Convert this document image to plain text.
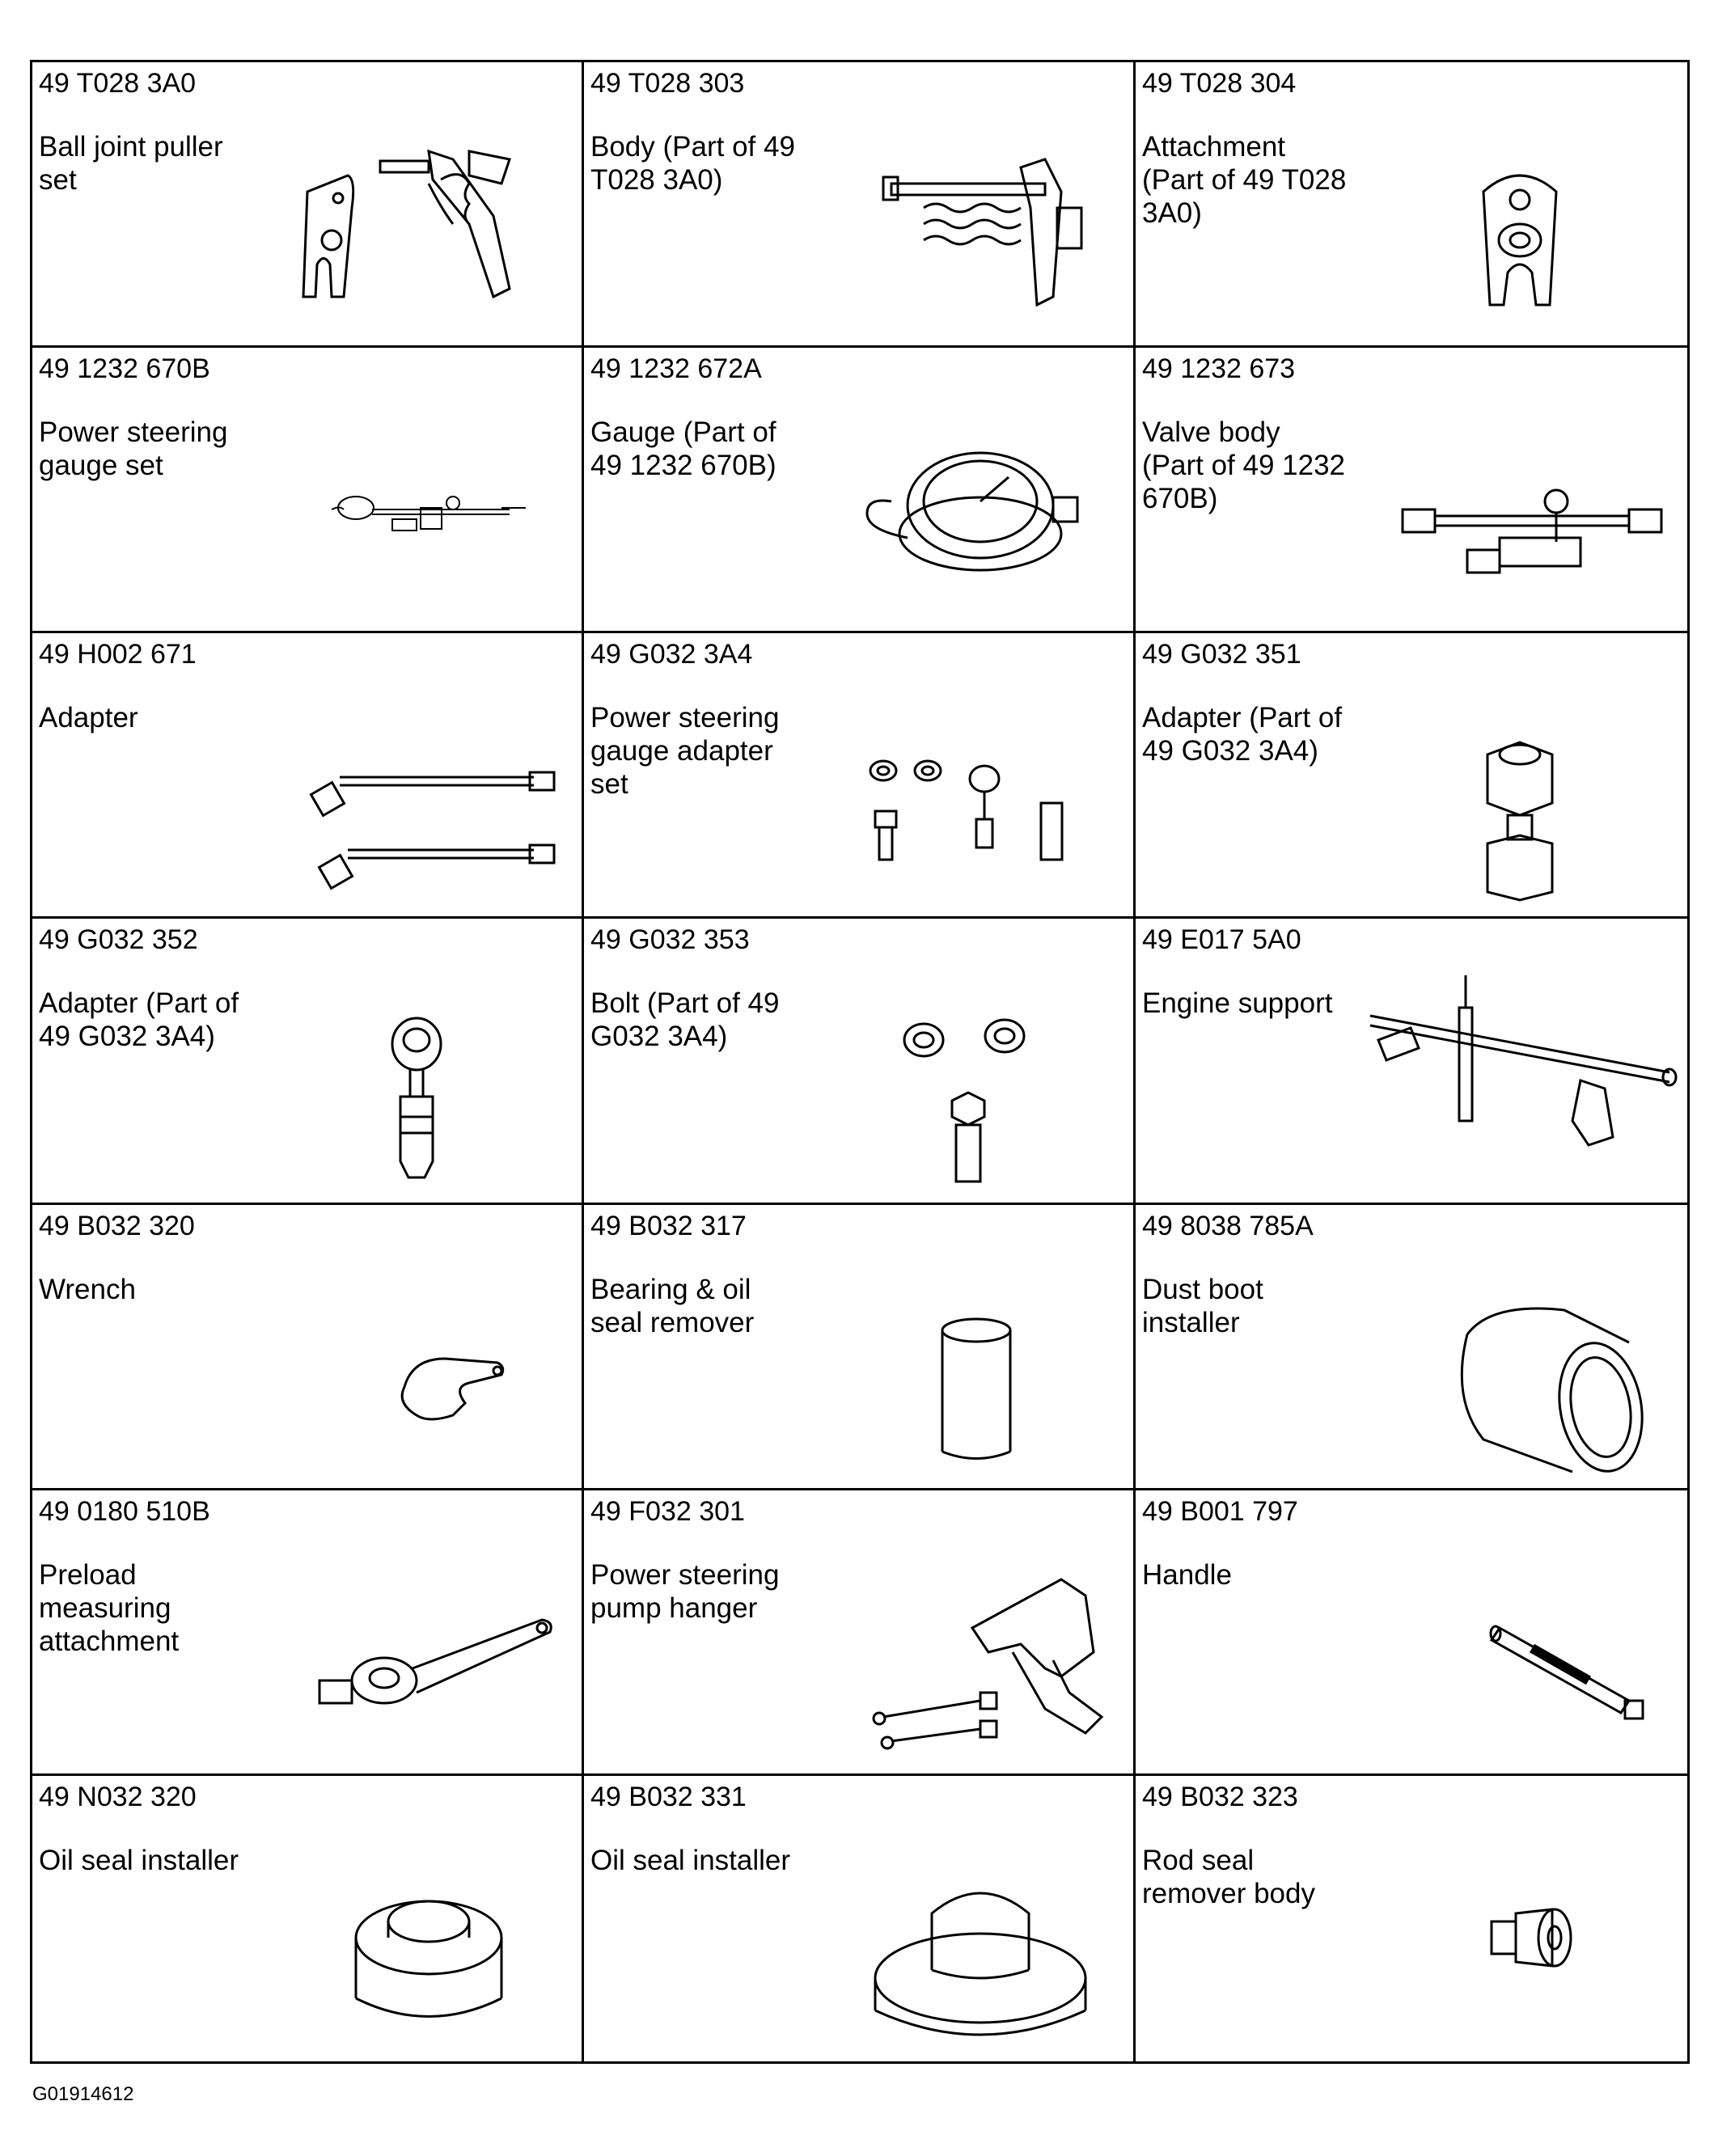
49 T028 3A0
Ball joint puller
set
49 T028 303
Body (Part of 49
T028 3A0)
49 T028 304
Attachment
(Part of 49 T028
3A0)
49 1232 670B
Power steering
gauge set
49 1232 672A
Gauge (Part of
49 1232 670B)
49 1232 673
Valve body
(Part of 49 1232
670B)
49 H002 671
Adapter
49 G032 3A4
Power steering
gauge adapter
set
49 G032 351
Adapter (Part of
49 G032 3A4)
49 G032 352
Adapter (Part of
49 G032 3A4)
49 G032 353
Bolt (Part of 49
G032 3A4)
49 E017 5A0
Engine support
49 B032 320
Wrench
49 B032 317
Bearing & oil
seal remover
49 8038 785A
Dust boot
installer
49 0180 510B
Preload
measuring
attachment
49 F032 301
Power steering
pump hanger
49 B001 797
Handle
49 N032 320
Oil seal installer
49 B032 331
Oil seal installer
49 B032 323
Rod seal
remover body
G01914612
